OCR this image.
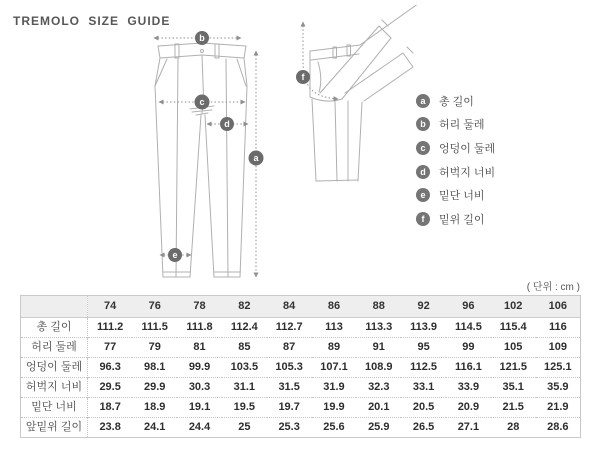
TREMOLO SIZE GUIDE
b
a
c
d
e
f
a	총 길이
b	허리 둘레
c	엉덩이 둘레
d	허벅지 너비
e	밑단 너비
f	밑위 길이
( 단위 : cm )
	74	76	78	82	84	86	88	92	96	102	106
총 길이	111.2	111.5	111.8	112.4	112.7	113	113.3	113.9	114.5	115.4	116
허리 둘레	77	79	81	85	87	89	91	95	99	105	109
엉덩이 둘레	96.3	98.1	99.9	103.5	105.3	107.1	108.9	112.5	116.1	121.5	125.1
허벅지 너비	29.5	29.9	30.3	31.1	31.5	31.9	32.3	33.1	33.9	35.1	35.9
밑단 너비	18.7	18.9	19.1	19.5	19.7	19.9	20.1	20.5	20.9	21.5	21.9
앞밑위 길이	23.8	24.1	24.4	25	25.3	25.6	25.9	26.5	27.1	28	28.6
